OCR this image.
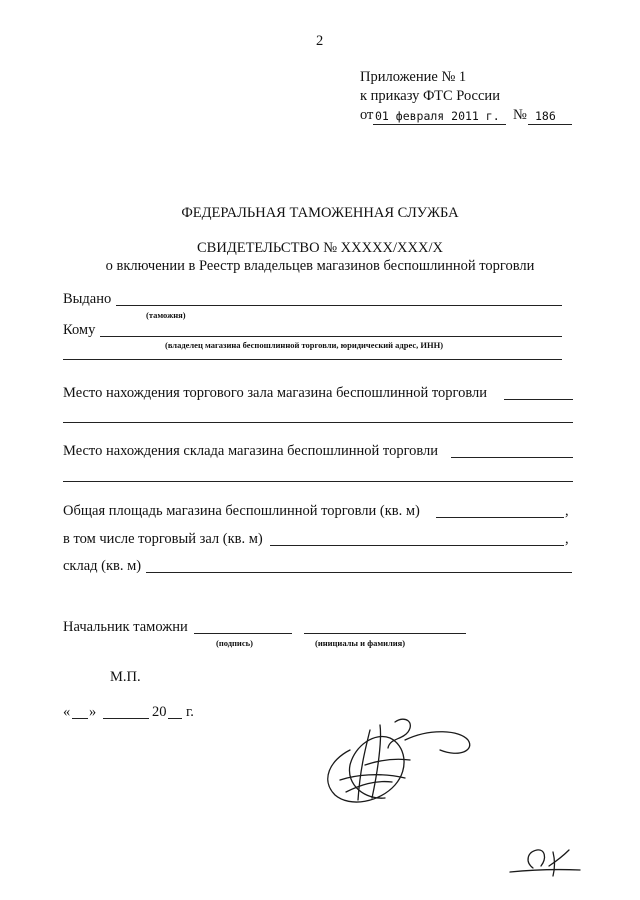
2
Приложение № 1
к приказу ФТС России
от 01 февраля 2011 г. № 186
ФЕДЕРАЛЬНАЯ ТАМОЖЕННАЯ СЛУЖБА
СВИДЕТЕЛЬСТВО № ХХХХХ/ХХХ/Х
о включении в Реестр владельцев магазинов беспошлинной торговли
Выдано
(таможня)
Кому
(владелец магазина беспошлинной торговли, юридический адрес, ИНН)
Место нахождения торгового зала магазина беспошлинной торговли
Место нахождения склада магазина беспошлинной торговли
Общая площадь магазина беспошлинной торговли (кв. м)	,
в том числе торговый зал (кв. м)	,
склад (кв. м)
Начальник таможни
(подпись)	(инициалы и фамилия)
М.П.
« »	20 г.
